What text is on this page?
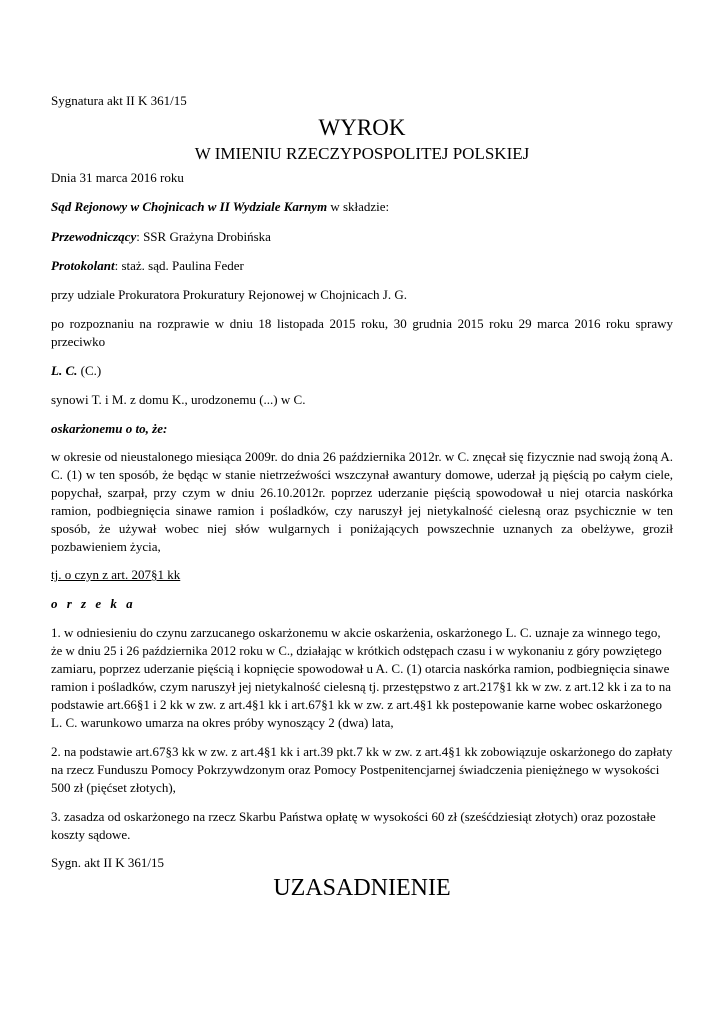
Sygnatura akt II K 361/15
WYROK
W IMIENIU RZECZYPOSPOLITEJ POLSKIEJ
Dnia 31 marca 2016 roku
Sąd Rejonowy w Chojnicach w II Wydziale Karnym w składzie:
Przewodniczący: SSR Grażyna Drobińska
Protokolant: staż. sąd. Paulina Feder
przy udziale Prokuratora Prokuratury Rejonowej w Chojnicach J. G.
po rozpoznaniu na rozprawie w dniu 18 listopada 2015 roku, 30 grudnia 2015 roku 29 marca 2016 roku sprawy przeciwko
L. C. (C.)
synowi T. i M. z domu K., urodzonemu (...) w C.
oskarżonemu o to, że:
w okresie od nieustalonego miesiąca 2009r. do dnia 26 października 2012r. w C. znęcał się fizycznie nad swoją żoną A. C. (1) w ten sposób, że będąc w stanie nietrzeźwości wszczynał awantury domowe, uderzał ją pięścią po całym ciele, popychał, szarpał, przy czym w dniu 26.10.2012r. poprzez uderzanie pięścią spowodował u niej otarcia naskórka ramion, podbiegnięcia sinawe ramion i pośladków, czy naruszył jej nietykalność cielesną oraz psychicznie w ten sposób, że używał wobec niej słów wulgarnych i poniżających powszechnie uznanych za obelżywe, groził pozbawieniem życia,
tj. o czyn z art. 207§1 kk
o r z e k a
1. w odniesieniu do czynu zarzucanego oskarżonemu w akcie oskarżenia, oskarżonego L. C. uznaje za winnego tego,
że w dniu 25 i 26 października 2012 roku w C., działając w krótkich odstępach czasu i w wykonaniu z góry powziętego
zamiaru, poprzez uderzanie pięścią i kopnięcie spowodował u A. C. (1) otarcia naskórka ramion, podbiegnięcia sinawe
ramion i pośladków, czym naruszył jej nietykalność cielesną tj. przestępstwo z art.217§1 kk w zw. z art.12 kk i za to na
podstawie art.66§1 i 2 kk w zw. z art.4§1 kk i art.67§1 kk w zw. z art.4§1 kk postepowanie karne wobec oskarżonego
L. C. warunkowo umarza na okres próby wynoszący 2 (dwa) lata,
2. na podstawie art.67§3 kk w zw. z art.4§1 kk i art.39 pkt.7 kk w zw. z art.4§1 kk zobowiązuje oskarżonego do zapłaty
na rzecz Funduszu Pomocy Pokrzywdzonym oraz Pomocy Postpenitencjarnej świadczenia pieniężnego w wysokości
500 zł (pięćset złotych),
3. zasadza od oskarżonego na rzecz Skarbu Państwa opłatę w wysokości 60 zł (sześćdziesiąt złotych) oraz pozostałe
koszty sądowe.
Sygn. akt II K 361/15
UZASADNIENIE
